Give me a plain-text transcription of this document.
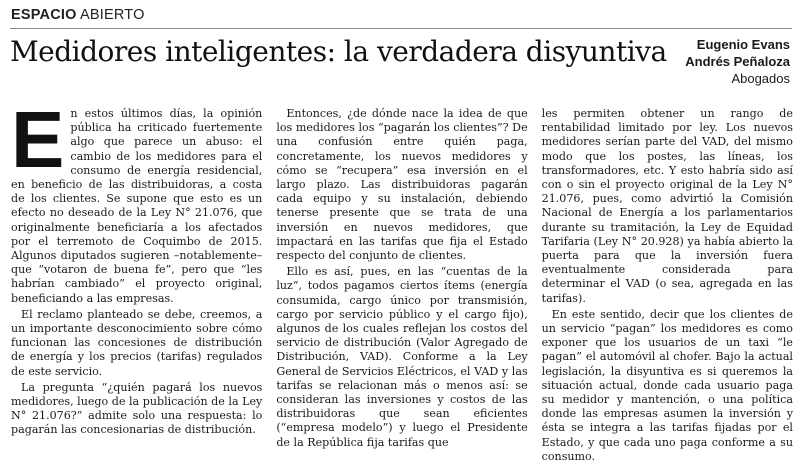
ESPACIO ABIERTO
Medidores inteligentes: la verdadera disyuntiva	Eugenio Evans
Andrés Peñaloza
Abogados

En estos últimos días, la opinión pública ha criticado fuertemente algo que parece un abuso: el cambio de los medidores para el consumo de energía residencial, en beneficio de las distribuidoras, a costa de los clientes. Se supone que esto es un efecto no deseado de la Ley N° 21.076, que originalmente beneficiaría a los afectados por el terremoto de Coquimbo de 2015. Algunos diputados sugieren –notablemente– que “votaron de buena fe”, pero que “les habrían cambiado” el proyecto original, beneficiando a las empresas.

El reclamo planteado se debe, creemos, a un importante desconocimiento sobre cómo funcionan las concesiones de distribución de energía y los precios (tarifas) regulados de este servicio.

La pregunta “¿quién pagará los nuevos medidores, luego de la publicación de la Ley N° 21.076?” admite solo una respuesta: lo pagarán las concesionarias de distribución.

Entonces, ¿de dónde nace la idea de que los medidores los “pagarán los clientes”? De una confusión entre quién paga, concretamente, los nuevos medidores y cómo se “recupera” esa inversión en el largo plazo. Las distribuidoras pagarán cada equipo y su instalación, debiendo tenerse presente que se trata de una inversión en nuevos medidores, que impactará en las tarifas que fija el Estado respecto del conjunto de clientes.

Ello es así, pues, en las “cuentas de la luz”, todos pagamos ciertos ítems (energía consumida, cargo único por transmisión, cargo por servicio público y el cargo fijo), algunos de los cuales reflejan los costos del servicio de distribución (Valor Agregado de Distribución, VAD). Conforme a la Ley General de Servicios Eléctricos, el VAD y las tarifas se relacionan más o menos así: se consideran las inversiones y costos de las distribuidoras que sean eficientes (“empresa modelo”) y luego el Presidente de la República fija tarifas que

les permiten obtener un rango de rentabilidad limitado por ley. Los nuevos medidores serían parte del VAD, del mismo modo que los postes, las líneas, los transformadores, etc. Y esto habría sido así con o sin el proyecto original de la Ley N° 21.076, pues, como advirtió la Comisión Nacional de Energía a los parlamentarios durante su tramitación, la Ley de Equidad Tarifaria (Ley N° 20.928) ya había abierto la puerta para que la inversión fuera eventualmente considerada para determinar el VAD (o sea, agregada en las tarifas).

En este sentido, decir que los clientes de un servicio “pagan” los medidores es como exponer que los usuarios de un taxi “le pagan” el automóvil al chofer. Bajo la actual legislación, la disyuntiva es si queremos la situación actual, donde cada usuario paga su medidor y mantención, o una política donde las empresas asumen la inversión y ésta se integra a las tarifas fijadas por el Estado, y que cada uno paga conforme a su consumo.
